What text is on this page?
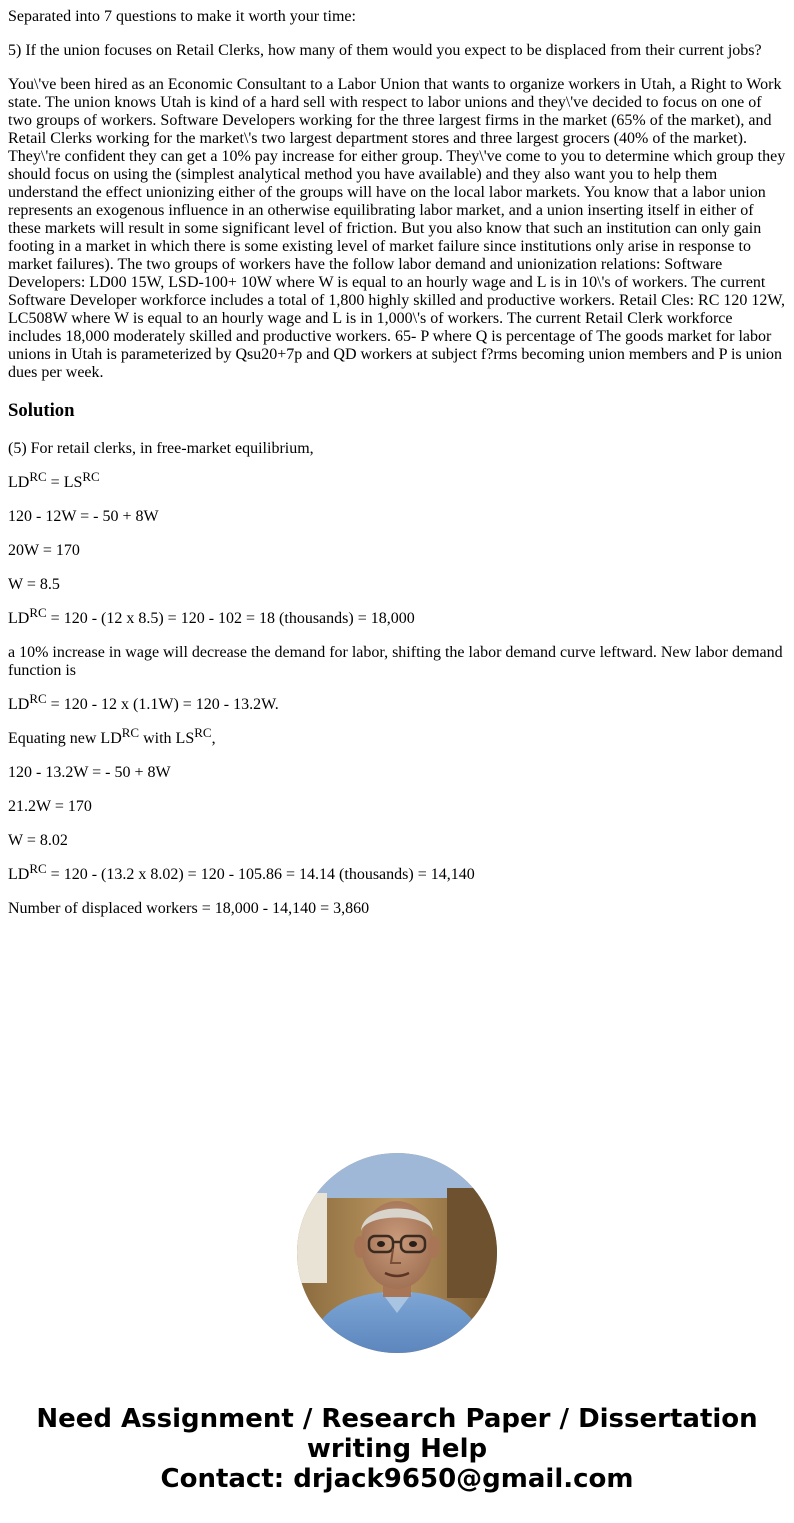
Separated into 7 questions to make it worth your time:

5) If the union focuses on Retail Clerks, how many of them would you expect to be displaced from their current jobs?

You\'ve been hired as an Economic Consultant to a Labor Union that wants to organize workers in Utah, a Right to Work state. The union knows Utah is kind of a hard sell with respect to labor unions and they\'ve decided to focus on one of two groups of workers. Software Developers working for the three largest firms in the market (65% of the market), and Retail Clerks working for the market\'s two largest department stores and three largest grocers (40% of the market). They\'re confident they can get a 10% pay increase for either group. They\'ve come to you to determine which group they should focus on using the (simplest analytical method you have available) and they also want you to help them understand the effect unionizing either of the groups will have on the local labor markets. You know that a labor union represents an exogenous influence in an otherwise equilibrating labor market, and a union inserting itself in either of these markets will result in some significant level of friction. But you also know that such an institution can only gain footing in a market in which there is some existing level of market failure since institutions only arise in response to market failures). The two groups of workers have the follow labor demand and unionization relations: Software Developers: LD00 15W, LSD-100+ 10W where W is equal to an hourly wage and L is in 10\'s of workers. The current Software Developer workforce includes a total of 1,800 highly skilled and productive workers. Retail Cles: RC 120 12W, LC508W where W is equal to an hourly wage and L is in 1,000\'s of workers. The current Retail Clerk workforce includes 18,000 moderately skilled and productive workers. 65- P where Q is percentage of The goods market for labor unions in Utah is parameterized by Qsu20+7p and QD workers at subject f?rms becoming union members and P is union dues per week.

Solution

(5) For retail clerks, in free-market equilibrium,

$LD^{RC} = LS^{RC}$

120 - 12W = - 50 + 8W

20W = 170

W = 8.5

$LD^{RC} = 120 - (12$ x 8.5) = 120 - 102 = 18 (thousands) = 18,000

a 10% increase in wage will decrease the demand for labor, shifting the labor demand curve leftward. New labor demand function is

$LD^{RC} = 120 - 12$ x (1.1W) = 120 - 13.2W.

Equating new $LD^{RC}$ with $LS^{RC}$,

120 - 13.2W = - 50 + 8W

21.2W = 170

W = 8.02

$LD^{RC} = 120 - (13.2$ x 8.02) = 120 - 105.86 = 14.14 (thousands) = 14,140

Number of displaced workers = 18,000 - 14,140 = 3,860

Need Assignment / Research Paper / Dissertation
writing Help
Contact: drjack9650@gmail.com
